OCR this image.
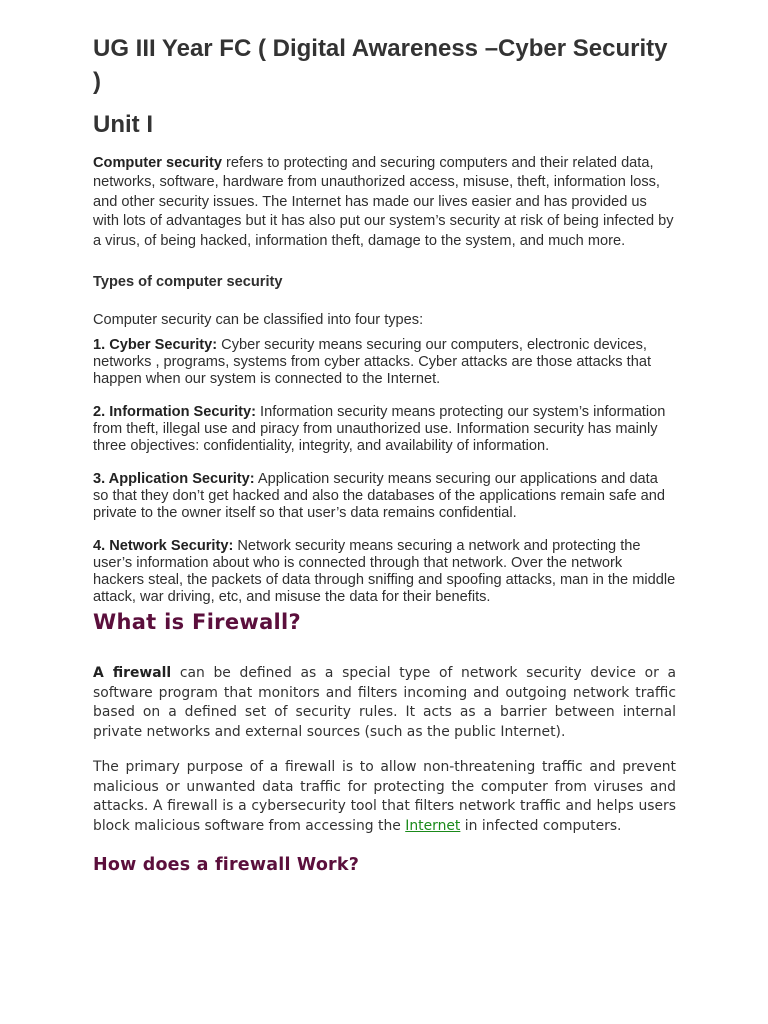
UG III Year FC ( Digital Awareness –Cyber Security )
Unit I

Computer security refers to protecting and securing computers and their related data, networks, software, hardware from unauthorized access, misuse, theft, information loss, and other security issues. The Internet has made our lives easier and has provided us with lots of advantages but it has also put our system’s security at risk of being infected by a virus, of being hacked, information theft, damage to the system, and much more.

Types of computer security

Computer security can be classified into four types:

1. Cyber Security: Cyber security means securing our computers, electronic devices, networks , programs, systems from cyber attacks. Cyber attacks are those attacks that happen when our system is connected to the Internet.

2. Information Security: Information security means protecting our system’s information from theft, illegal use and piracy from unauthorized use. Information security has mainly three objectives: confidentiality, integrity, and availability of information.

3. Application Security: Application security means securing our applications and data so that they don’t get hacked and also the databases of the applications remain safe and private to the owner itself so that user’s data remains confidential.

4. Network Security: Network security means securing a network and protecting the user’s information about who is connected through that network. Over the network hackers steal, the packets of data through sniffing and spoofing attacks, man in the middle attack, war driving, etc, and misuse the data for their benefits.

What is Firewall?

A firewall can be defined as a special type of network security device or a software program that monitors and filters incoming and outgoing network traffic based on a defined set of security rules. It acts as a barrier between internal private networks and external sources (such as the public Internet).

The primary purpose of a firewall is to allow non-threatening traffic and prevent malicious or unwanted data traffic for protecting the computer from viruses and attacks. A firewall is a cybersecurity tool that filters network traffic and helps users block malicious software from accessing the Internet in infected computers.

How does a firewall Work?
